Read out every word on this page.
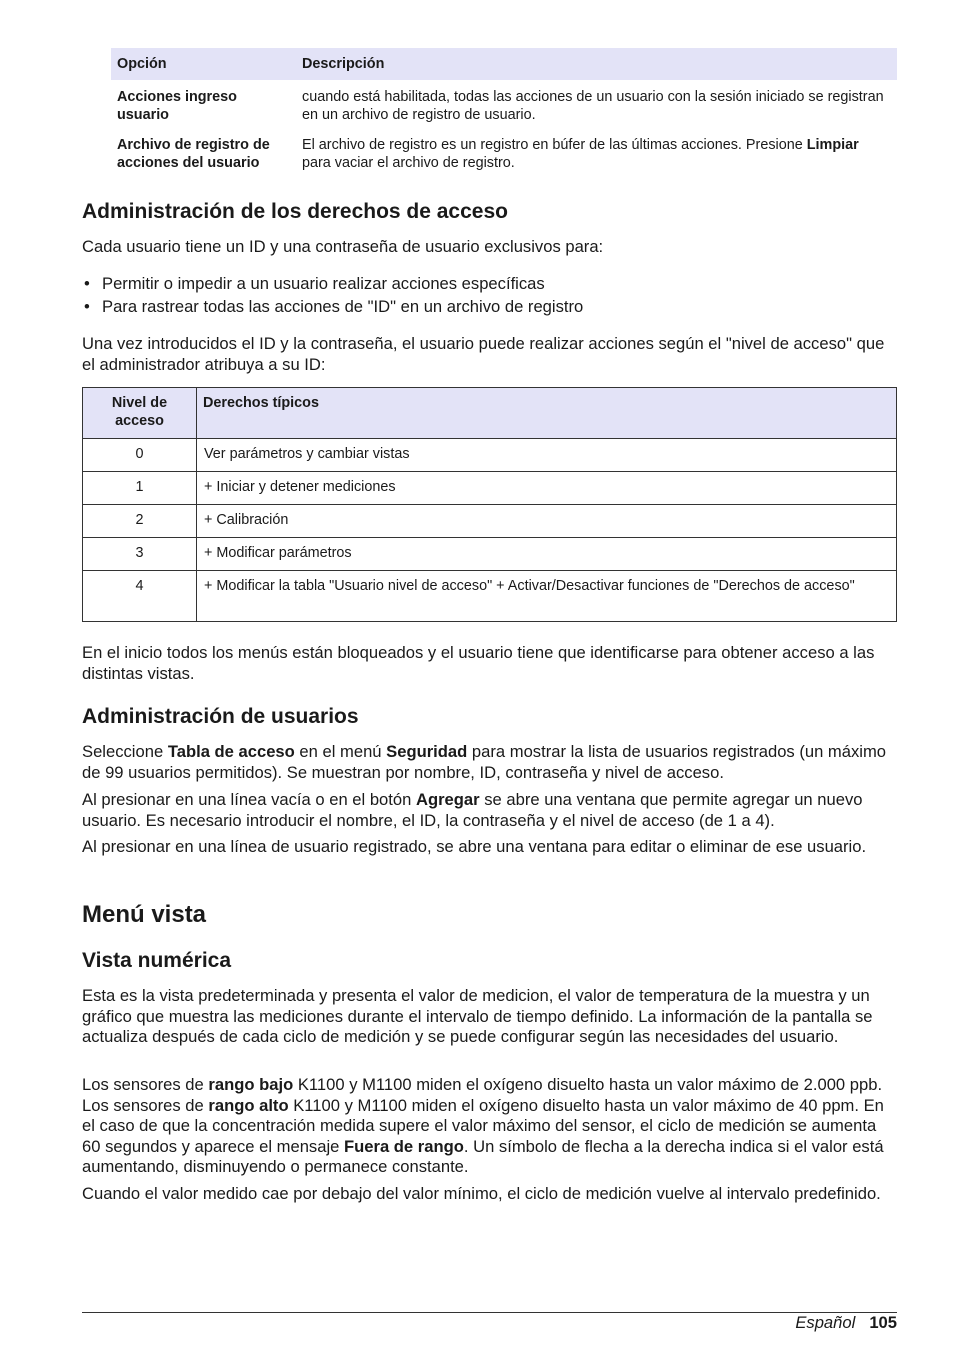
Opción	Descripción
Acciones ingreso usuario	cuando está habilitada, todas las acciones de un usuario con la sesión iniciado se registran en un archivo de registro de usuario.
Archivo de registro de acciones del usuario	El archivo de registro es un registro en búfer de las últimas acciones. Presione Limpiar para vaciar el archivo de registro.
Administración de los derechos de acceso

Cada usuario tiene un ID y una contraseña de usuario exclusivos para:

• Permitir o impedir a un usuario realizar acciones específicas
• Para rastrear todas las acciones de "ID" en un archivo de registro

Una vez introducidos el ID y la contraseña, el usuario puede realizar acciones según el "nivel de acceso" que el administrador atribuya a su ID:

Nivel de acceso	Derechos típicos
0	Ver parámetros y cambiar vistas
1	+ Iniciar y detener mediciones
2	+ Calibración
3	+ Modificar parámetros
4	+ Modificar la tabla "Usuario nivel de acceso" + Activar/Desactivar funciones de "Derechos de acceso"

En el inicio todos los menús están bloqueados y el usuario tiene que identificarse para obtener acceso a las distintas vistas.

Administración de usuarios

Seleccione Tabla de acceso en el menú Seguridad para mostrar la lista de usuarios registrados (un máximo de 99 usuarios permitidos). Se muestran por nombre, ID, contraseña y nivel de acceso.

Al presionar en una línea vacía o en el botón Agregar se abre una ventana que permite agregar un nuevo usuario. Es necesario introducir el nombre, el ID, la contraseña y el nivel de acceso (de 1 a 4).

Al presionar en una línea de usuario registrado, se abre una ventana para editar o eliminar de ese usuario.

Menú vista
Vista numérica

Esta es la vista predeterminada y presenta el valor de medicion, el valor de temperatura de la muestra y un gráfico que muestra las mediciones durante el intervalo de tiempo definido. La información de la pantalla se actualiza después de cada ciclo de medición y se puede configurar según las necesidades del usuario.

Los sensores de rango bajo K1100 y M1100 miden el oxígeno disuelto hasta un valor máximo de 2.000 ppb. Los sensores de rango alto K1100 y M1100 miden el oxígeno disuelto hasta un valor máximo de 40 ppm. En el caso de que la concentración medida supere el valor máximo del sensor, el ciclo de medición se aumenta 60 segundos y aparece el mensaje Fuera de rango. Un símbolo de flecha a la derecha indica si el valor está aumentando, disminuyendo o permanece constante.

Cuando el valor medido cae por debajo del valor mínimo, el ciclo de medición vuelve al intervalo predefinido.

Español 105
